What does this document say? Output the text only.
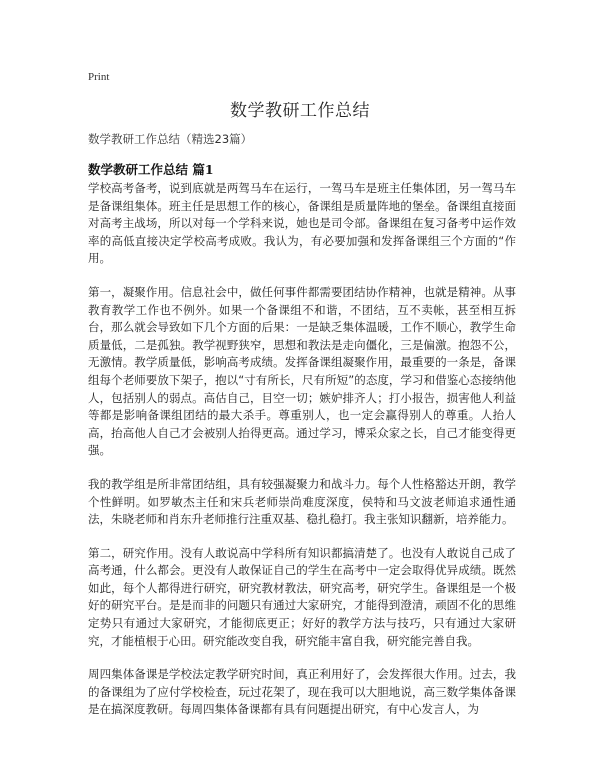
Print
数学教研工作总结
数学教研工作总结（精选23篇）
数学教研工作总结 篇1

学校高考备考，说到底就是两驾马车在运行，一驾马车是班主任集体团，另一驾马车是备课组集体。班主任是思想工作的核心，备课组是质量阵地的堡垒。备课组直接面对高考主战场，所以对每一个学科来说，她也是司令部。备课组在复习备考中运作效率的高低直接决定学校高考成败。我认为，有必要加强和发挥备课组三个方面的“作用。

第一，凝聚作用。信息社会中，做任何事件都需要团结协作精神，也就是精神。从事教育教学工作也不例外。如果一个备课组不和谐，不团结，互不卖帐，甚至相互拆台，那么就会导致如下几个方面的后果：一是缺乏集体温暖，工作不顺心，教学生命质量低，二是孤独。教学视野狭窄，思想和教法是走向僵化，三是偏激。抱怨不公，无激情。教学质量低，影响高考成绩。发挥备课组凝聚作用，最重要的一条是，备课组每个老师要放下架子，抱以“寸有所长，尺有所短”的态度，学习和借鉴心态接纳他人，包括别人的弱点。高估自己，目空一切；嫉妒排齐人；打小报告，损害他人利益等都是影响备课组团结的最大杀手。尊重别人，也一定会赢得别人的尊重。人抬人高，抬高他人自己才会被别人抬得更高。通过学习，博采众家之长，自己才能变得更强。

我的教学组是所非常团结组，具有较强凝聚力和战斗力。每个人性格豁达开朗，教学个性鲜明。如罗敏杰主任和宋兵老师崇尚难度深度，侯特和马文波老师追求通性通法，朱晓老师和肖东升老师推行注重双基、稳扎稳打。我主张知识翻新，培养能力。

第二，研究作用。没有人敢说高中学科所有知识都搞清楚了。也没有人敢说自己成了高考通，什么都会。更没有人敢保证自己的学生在高考中一定会取得优异成绩。既然如此，每个人都得进行研究，研究教材教法，研究高考，研究学生。备课组是一个极好的研究平台。是是而非的问题只有通过大家研究，才能得到澄清，顽固不化的思维定势只有通过大家研究，才能彻底更正；好好的教学方法与技巧，只有通过大家研究，才能植根于心田。研究能改变自我，研究能丰富自我，研究能完善自我。

周四集体备课是学校法定教学研究时间，真正利用好了，会发挥很大作用。过去，我的备课组为了应付学校检查，玩过花架了，现在我可以大胆地说，高三数学集体备课是在搞深度教研。每周四集体备课都有具有问题提出研究，有中心发言人，为
